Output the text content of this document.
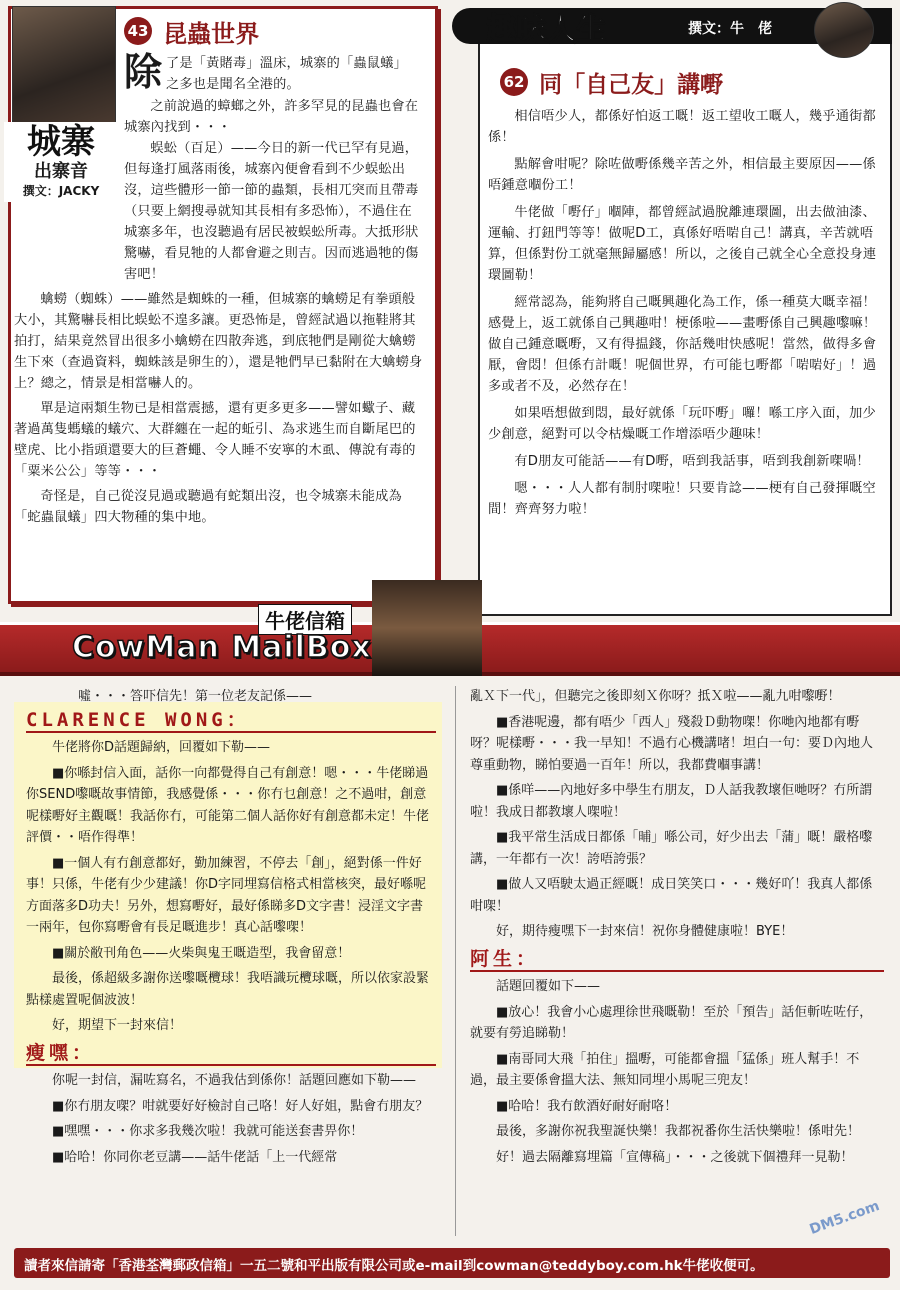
城寨
出寨音
撰文：JACKY
43 昆蟲世界
除 了是「黃賭毒」溫床，城寨的「蟲鼠蟻」之多也是聞名全港的。

之前說過的蟑螂之外，許多罕見的昆蟲也會在城寨內找到・・・

蜈蚣（百足）——今日的新一代已罕有見過，但每逢打風落雨後，城寨內便會看到不少蜈蚣出沒，這些體形一節一節的蟲類，長相兀突而且帶毒（只要上網搜尋就知其長相有多恐怖），不過住在城寨多年，也沒聽過有居民被蜈蚣所毒。大抵形狀驚嚇，看見牠的人都會避之則吉。因而逃過牠的傷害吧！

蠄蟧（蜘蛛）——雖然是蜘蛛的一種，但城寨的蠄蟧足有拳頭般大小，其驚嚇長相比蜈蚣不遑多讓。更恐怖是，曾經試過以拖鞋將其拍打，結果竟然冒出很多小蠄蟧在四散奔逃，到底牠們是剛從大蠄蟧生下來（查過資料，蜘蛛該是卵生的），還是牠們早已黏附在大蠄蟧身上？總之，情景是相當嚇人的。

單是這兩類生物已是相當震撼，還有更多更多——譬如蠍子、藏著過萬隻螞蟻的蟻穴、大群纏在一起的蚯引、為求逃生而自斷尾巴的壁虎、比小指頭還要大的巨蒼蠅、令人睡不安寧的木虱、傳說有毒的「粟米公公」等等・・・

奇怪是，自己從沒見過或聽過有蛇類出沒，也令城寨未能成為「蛇蟲鼠蟻」四大物種的集中地。

趣味人生	撰文：牛　佬
62 同「自己友」講嘢

相信唔少人，都係好怕返工嘅！返工望收工嘅人，幾乎通街都係！

點解會咁呢？除咗做嘢係幾辛苦之外，相信最主要原因——係唔鍾意嗰份工！

牛佬做「嘢仔」嗰陣，都曾經試過脫離連環圖，出去做油漆、運輸、打鈕門等等！做呢D工，真係好唔啱自己！講真，辛苦就唔算，但係對份工就毫無歸屬感！所以，之後自己就全心全意投身連環圖勒！

經常認為，能夠將自己嘅興趣化為工作，係一種莫大嘅幸福！感覺上，返工就係自己興趣咁！梗係啦——畫嘢係自己興趣嚟嘛！做自己鍾意嘅嘢，又有得揾錢，你話幾咁快感呢！當然，做得多會厭，會悶！但係冇計嘅！呢個世界，冇可能乜嘢都「啱啱好」！過多或者不及，必然存在！

如果唔想做到悶，最好就係「玩吓嘢」囉！喺工序入面，加少少創意，絕對可以令枯燥嘅工作增添唔少趣味！

有D朋友可能話——有D嘢，唔到我話事，唔到我創新㗎喎！

嗯・・・人人都有制肘㗎啦！只要肯諗——梗有自己發揮嘅空間！齊齊努力啦！

牛佬信箱
CowMan MailBox
噓・・・答吓信先！第一位老友記係——
CLARENCE WONG：

牛佬將你D話題歸納，回覆如下勒——

■你喺封信入面，話你一向都覺得自己有創意！嗯・・・牛佬睇過你SEND嚟嘅故事情節，我感覺係・・・你冇乜創意！之不過咁，創意呢樣嘢好主觀嘅！我話你冇，可能第二個人話你好有創意都未定！牛佬評價・・唔作得準！

■一個人有冇創意都好，勤加練習，不停去「創」，絕對係一件好事！只係，牛佬有少少建議！你D字同埋寫信格式相當核突，最好喺呢方面落多D功夫！另外，想寫嘢好，最好係睇多D文字書！浸淫文字書一兩年，包你寫嘢會有長足嘅進步！真心話嚟㗎！

■關於敝刊角色——火柴與鬼王嘅造型，我會留意！

最後，係超級多謝你送嚟嘅欖球！我唔識玩欖球嘅，所以依家設緊點樣處置呢個波波！

好，期望下一封來信！

瘦嘿：

你呢一封信，漏咗寫名，不過我估到係你！話題回應如下勒——

■你冇朋友㗎？咁就要好好檢討自己咯！好人好姐，點會冇朋友？

■嘿嘿・・・你求多我幾次啦！我就可能送套書畀你！

■哈哈！你同你老豆講——話牛佬話「上一代經常

亂Ｘ下一代」，但聽完之後即刻Ｘ你呀？抵Ｘ啦——亂九咁嚟嘢！

■香港呢邊，都有唔少「西人」殘殺Ｄ動物㗎！你哋內地都有嘢呀？呢樣嘢・・・我一早知！不過冇心機講啫！坦白一句：要Ｄ內地人尊重動物，睇怕要過一百年！所以，我都費嗰事講！

■係咩——內地好多中學生冇朋友，Ｄ人話我教壞佢哋呀？冇所謂啦！我成日都教壞人㗎啦！

■我平常生活成日都係「晡」喺公司，好少出去「蒲」嘅！嚴格嚟講，一年都冇一次！誇唔誇張？

■做人又唔駛太過正經嘅！成日笑笑口・・・幾好吖！我真人都係咁㗎！

好，期待瘦嘿下一封來信！祝你身體健康啦！BYE！

阿生：

話題回覆如下——

■放心！我會小心處理徐世飛嘅勒！至於「預告」話佢斬咗咗仔，就要有勞追睇勒！

■南哥同大飛「拍住」搵嘢，可能都會搵「猛係」班人幫手！不過，最主要係會搵大法、無知同埋小馬呢三兜友！

■哈哈！我冇飲酒好耐好耐咯！

最後，多謝你祝我聖誕快樂！我都祝番你生活快樂啦！係咁先！

好！過去隔離寫埋篇「宣傳稿」・・・之後就下個禮拜一見勒！

讀者來信請寄「香港荃灣郵政信箱」一五二號和平出版有限公司或e-mail到cowman@teddyboy.com.hk牛佬收便可。
DM5.com
